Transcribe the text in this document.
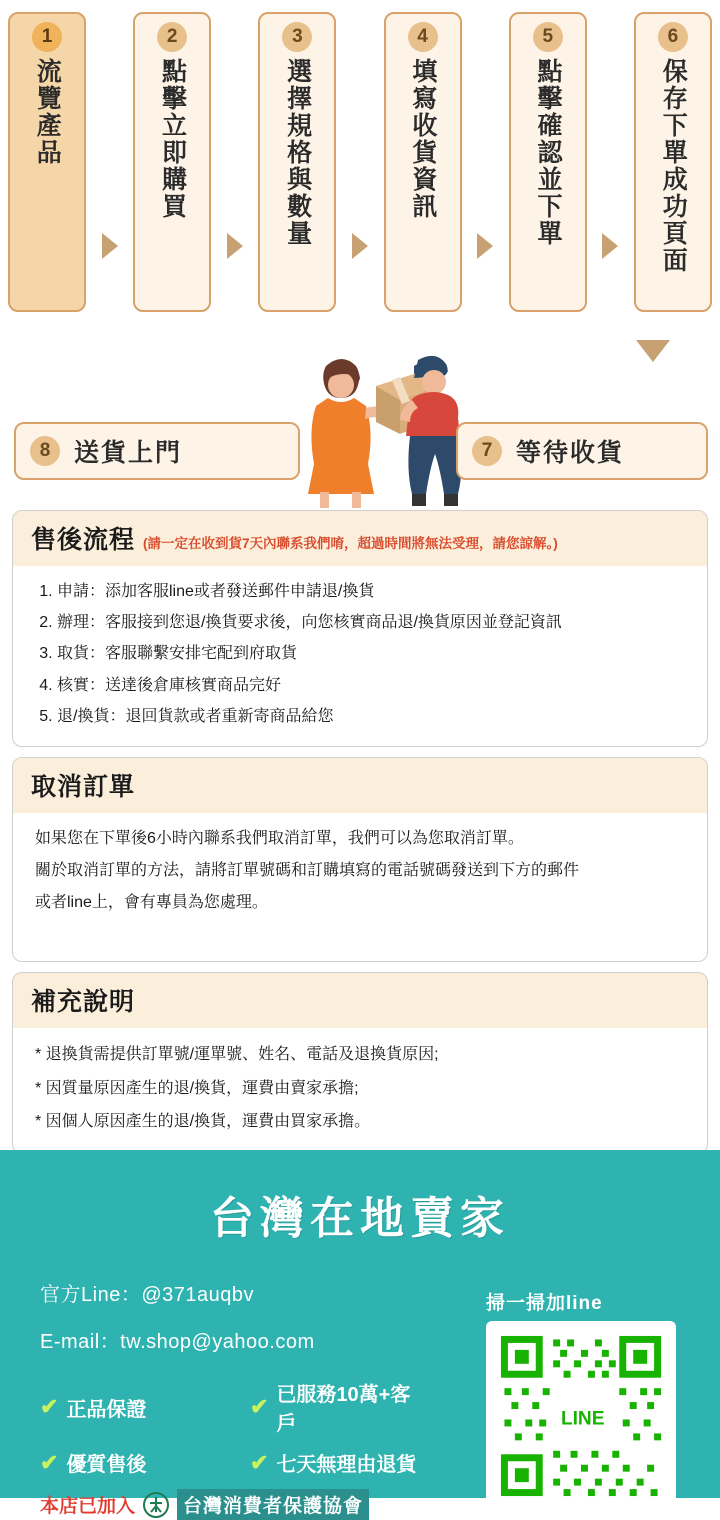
1
流覽產品
2
點擊立即購買
3
選擇規格與數量
4
填寫收貨資訊
5
點擊確認並下單
6
保存下單成功頁面
8 送貨上門	7 等待收貨
售後流程 (請一定在收到貨7天內聯系我們唷，超過時間將無法受理，請您諒解。)
1. 申請：添加客服line或者發送郵件申請退/換貨
2. 辦理：客服接到您退/換貨要求後，向您核實商品退/換貨原因並登記資訊
3. 取貨：客服聯繫安排宅配到府取貨
4. 核實：送達後倉庫核實商品完好
5. 退/換貨：退回貨款或者重新寄商品給您
取消訂單

如果您在下單後6小時內聯系我們取消訂單，我們可以為您取消訂單。

關於取消訂單的方法，請將訂單號碼和訂購填寫的電話號碼發送到下方的郵件

或者line上，會有專員為您處理。

補充說明

* 退換貨需提供訂單號/運單號、姓名、電話及退換貨原因;

* 因質量原因產生的退/換貨，運費由賣家承擔;

* 因個人原因產生的退/換貨，運費由買家承擔。

台灣在地賣家
官方Line：@371auqbv
E-mail：tw.shop@yahoo.com
✔ 正品保證	✔ 已服務10萬+客戶
✔ 優質售後	✔ 七天無理由退貨
本店已加入	台灣消費者保護協會
掃一掃加line
LINE
